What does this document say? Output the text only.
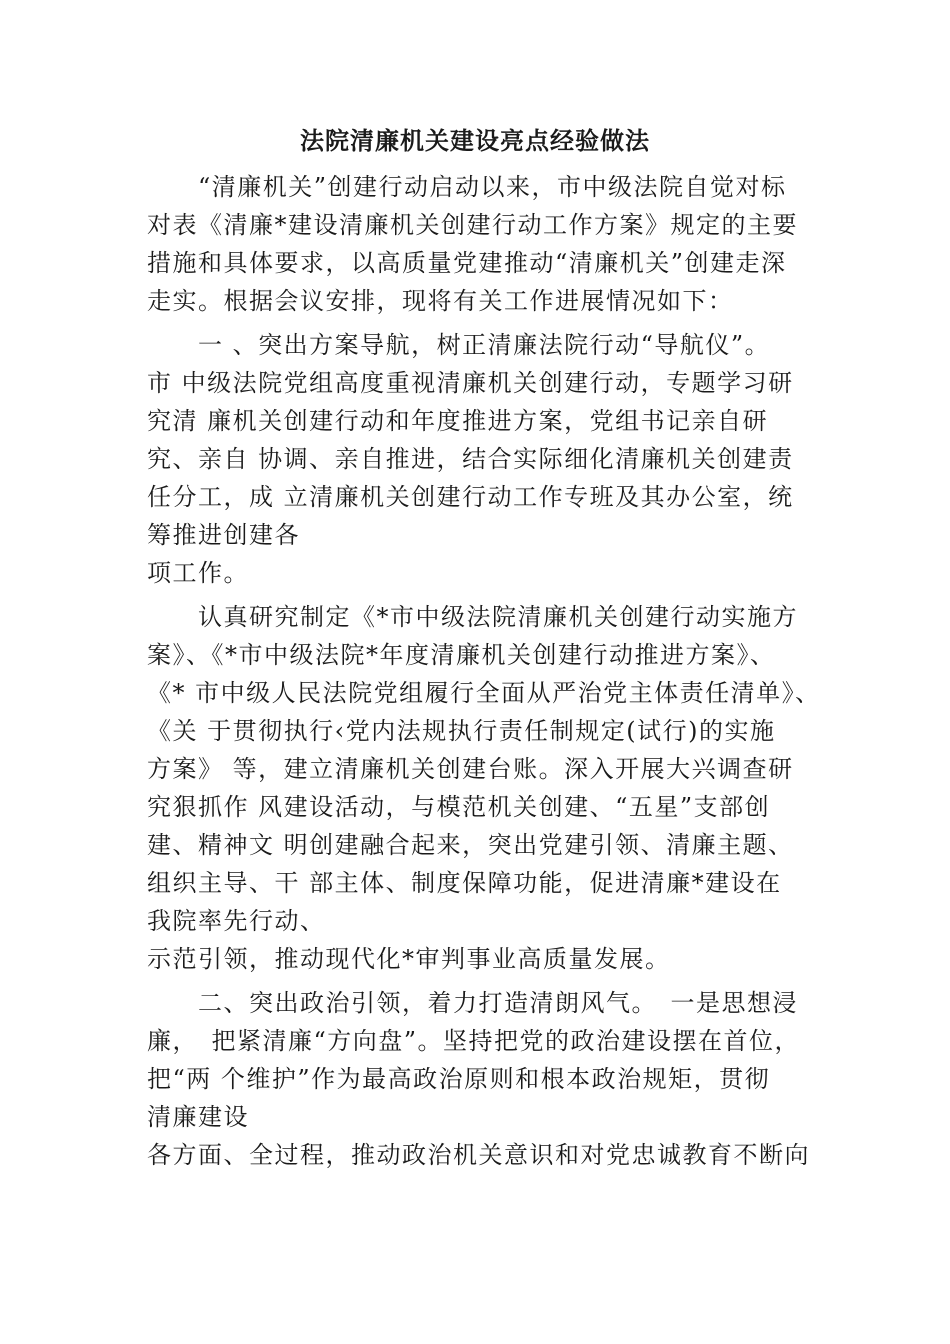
法院清廉机关建设亮点经验做法
　　“清廉机关”创建行动启动以来，市中级法院自觉对标
对表《清廉*建设清廉机关创建行动工作方案》规定的主要
措施和具体要求，以高质量党建推动“清廉机关”创建走深
走实。根据会议安排，现将有关工作进展情况如下：
　　一 、突出方案导航，树正清廉法院行动“导航仪”。
市 中级法院党组高度重视清廉机关创建行动，专题学习研
究清 廉机关创建行动和年度推进方案，党组书记亲自研
究、亲自 协调、亲自推进，结合实际细化清廉机关创建责
任分工，成 立清廉机关创建行动工作专班及其办公室，统
筹推进创建各
项工作。
　　认真研究制定《*市中级法院清廉机关创建行动实施方
案》、《*市中级法院*年度清廉机关创建行动推进方案》、
《* 市中级人民法院党组履行全面从严治党主体责任清单》、
《关 于贯彻执行‹党内法规执行责任制规定(试行)的实施
方案》 等，建立清廉机关创建台账。深入开展大兴调查研
究狠抓作 风建设活动，与模范机关创建、“五星”支部创
建、精神文 明创建融合起来，突出党建引领、清廉主题、
组织主导、干 部主体、制度保障功能，促进清廉*建设在
我院率先行动、
示范引领，推动现代化*审判事业高质量发展。
　　二、突出政治引领，着力打造清朗风气。　一是思想浸
廉，　把紧清廉“方向盘”。坚持把党的政治建设摆在首位，
把“两 个维护”作为最高政治原则和根本政治规矩，贯彻
清廉建设
各方面、全过程，推动政治机关意识和对党忠诚教育不断向
